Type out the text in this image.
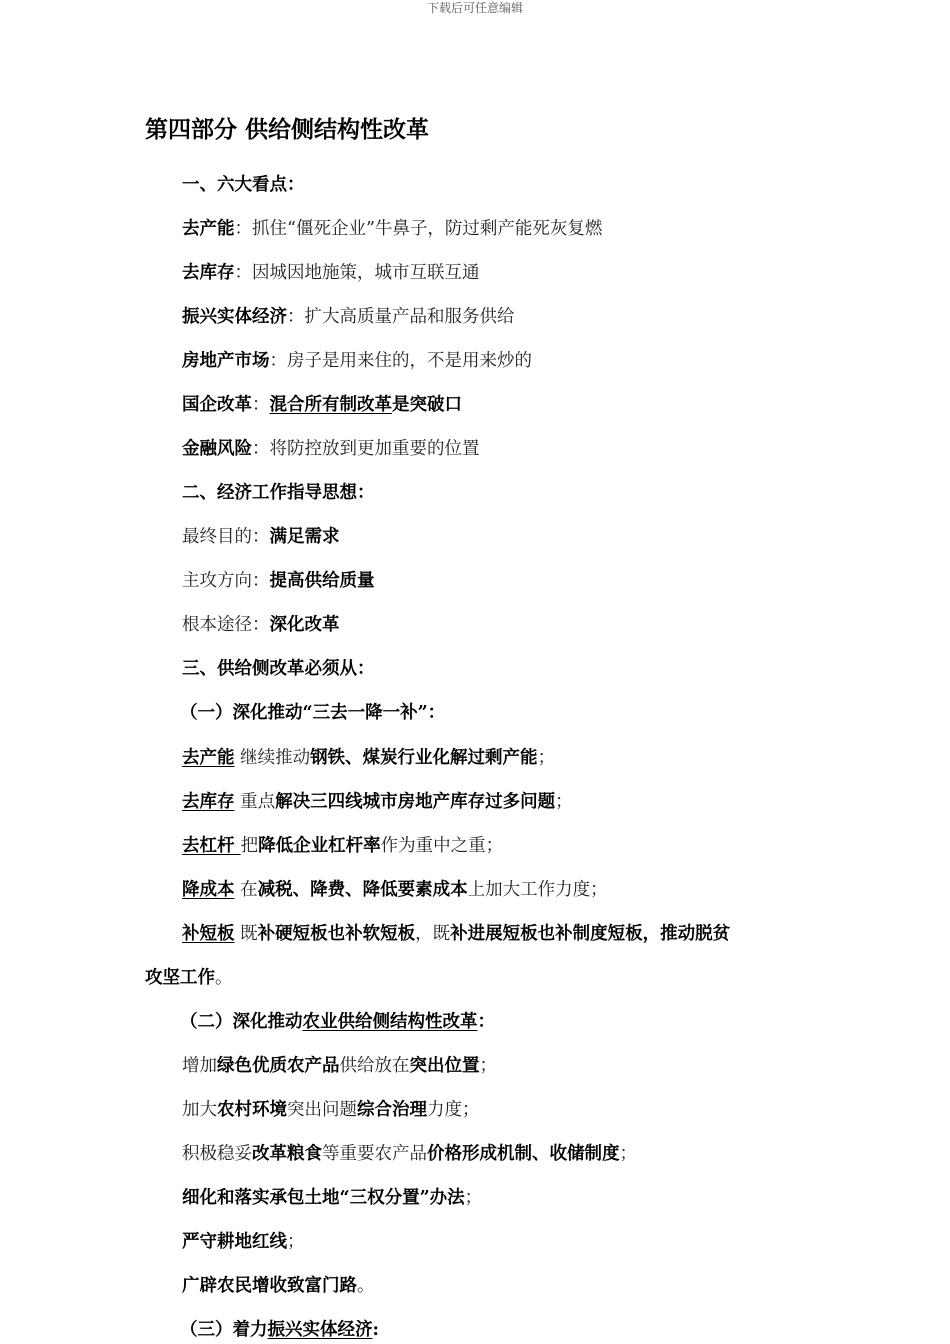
下载后可任意编辑
第四部分 供给侧结构性改革
一、六大看点：
去产能：抓住“僵死企业”牛鼻子，防过剩产能死灰复燃
去库存：因城因地施策，城市互联互通
振兴实体经济：扩大高质量产品和服务供给
房地产市场：房子是用来住的，不是用来炒的
国企改革：混合所有制改革是突破口
金融风险：将防控放到更加重要的位置
二、经济工作指导思想：
最终目的：满足需求
主攻方向：提高供给质量
根本途径：深化改革
三、供给侧改革必须从：
（一）深化推动“三去一降一补”：
去产能 继续推动钢铁、煤炭行业化解过剩产能；
去库存 重点解决三四线城市房地产库存过多问题；
去杠杆 把降低企业杠杆率作为重中之重；
降成本 在减税、降费、降低要素成本上加大工作力度；
补短板 既补硬短板也补软短板，既补进展短板也补制度短板，推动脱贫
攻坚工作。
（二）深化推动农业供给侧结构性改革：
增加绿色优质农产品供给放在突出位置；
加大农村环境突出问题综合治理力度；
积极稳妥改革粮食等重要农产品价格形成机制、收储制度；
细化和落实承包土地“三权分置”办法；
严守耕地红线；
广辟农民增收致富门路。
（三）着力振兴实体经济:
